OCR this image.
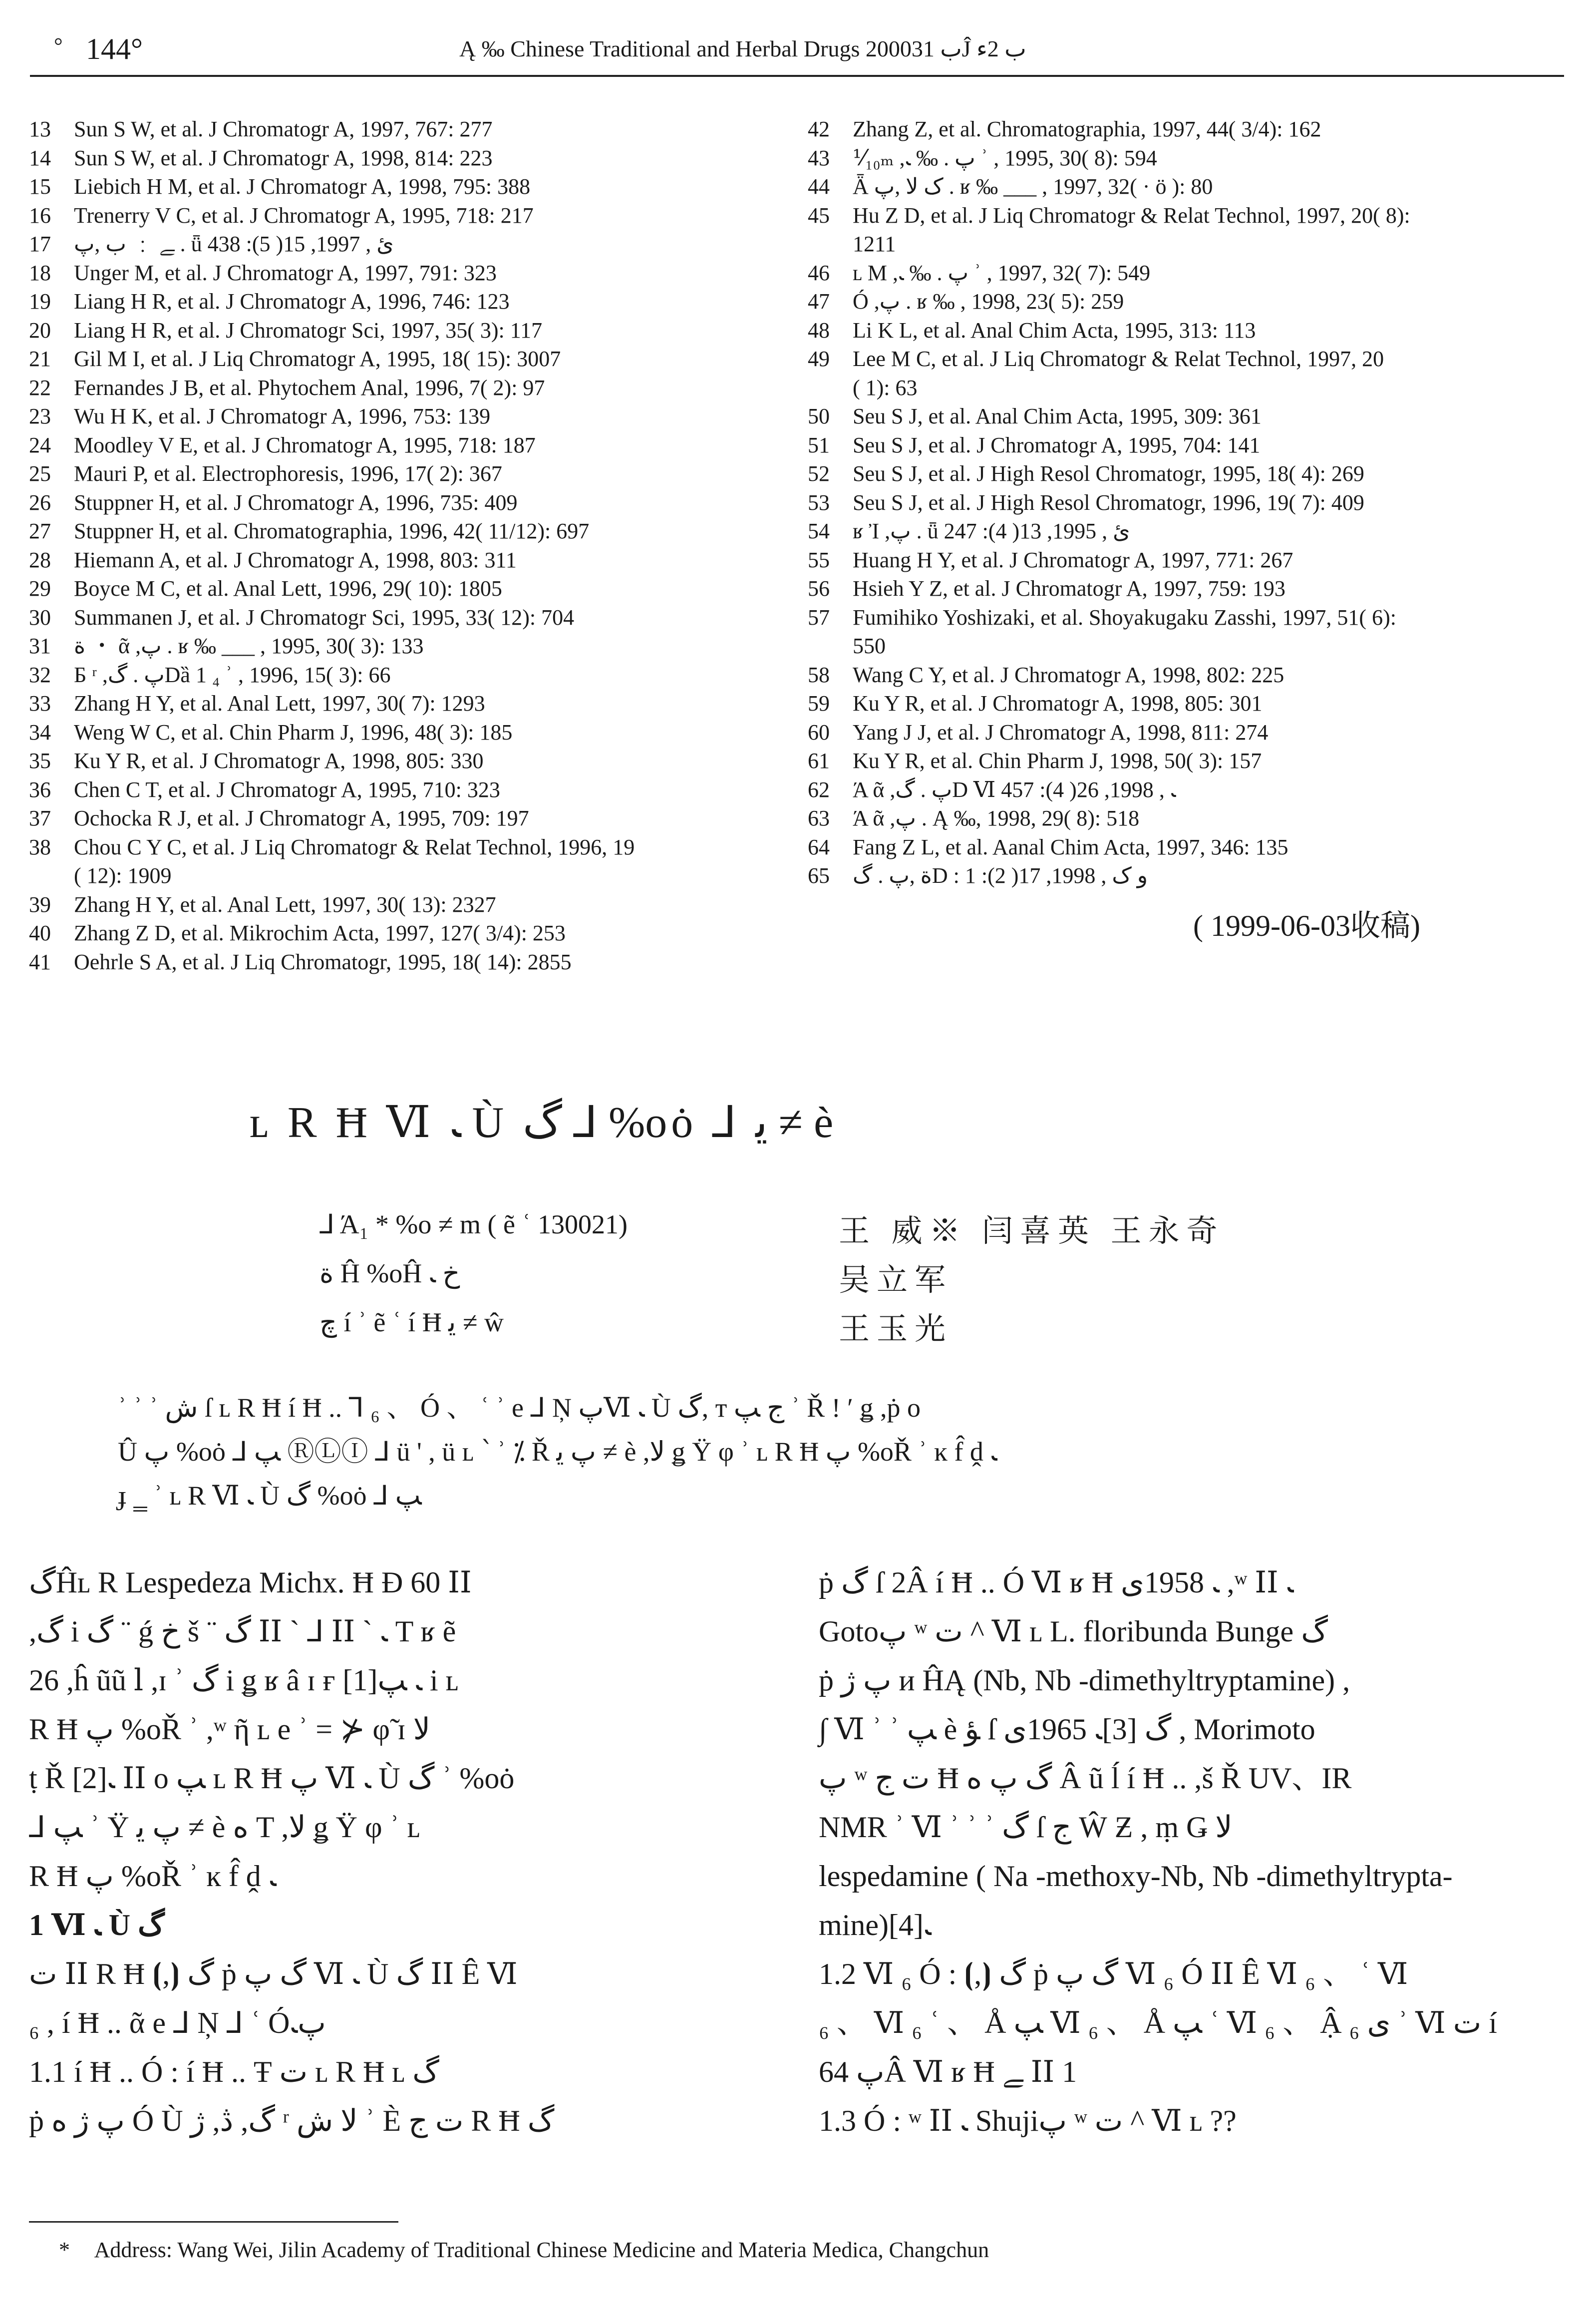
° 144°	Ą ‰ Chinese Traditional and Herbal Drugs 2000ب 31Ĵ ب 2ء
13	Sun S W, et al. J Chromatogr A, 1997, 767: 277
14	Sun S W, et al. J Chromatogr A, 1998, 814: 223
15	Liebich H M, et al. J Chromatogr A, 1998, 795: 388
16	Trenerry V C, et al. J Chromatogr A, 1995, 718: 217
17	ﮯ ﹕ ب ,ﭖ . ǖ ﺉ , 1997, 15( 5): 438
18	Unger M, et al. J Chromatogr A, 1997, 791: 323
19	Liang H R, et al. J Chromatogr A, 1996, 746: 123
20	Liang H R, et al. J Chromatogr Sci, 1997, 35( 3): 117
21	Gil M I, et al. J Liq Chromatogr A, 1995, 18( 15): 3007
22	Fernandes J B, et al. Phytochem Anal, 1996, 7( 2): 97
23	Wu H K, et al. J Chromatogr A, 1996, 753: 139
24	Moodley V E, et al. J Chromatogr A, 1995, 718: 187
25	Mauri P, et al. Electrophoresis, 1996, 17( 2): 367
26	Stuppner H, et al. J Chromatogr A, 1996, 735: 409
27	Stuppner H, et al. Chromatographia, 1996, 42( 11/12): 697
28	Hiemann A, et al. J Chromatogr A, 1998, 803: 311
29	Boyce M C, et al. Anal Lett, 1996, 29( 10): 1805
30	Summanen J, et al. J Chromatogr Sci, 1995, 33( 12): 704
31	ﺓ ・ ᾶ ,ﭖ . ʁ ‰ ___ , 1995, 30( 3): 133
32	Б ʳ ,ﭖ . ﮒDȁ 1 ₄ ʾ , 1996, 15( 3): 66
33	Zhang H Y, et al. Anal Lett, 1997, 30( 7): 1293
34	Weng W C, et al. Chin Pharm J, 1996, 48( 3): 185
35	Ku Y R, et al. J Chromatogr A, 1998, 805: 330
36	Chen C T, et al. J Chromatogr A, 1995, 710: 323
37	Ochocka R J, et al. J Chromatogr A, 1995, 709: 197
38	Chou C Y C, et al. J Liq Chromatogr & Relat Technol, 1996, 19
( 12): 1909
39	Zhang H Y, et al. Anal Lett, 1997, 30( 13): 2327
40	Zhang Z D, et al. Mikrochim Acta, 1997, 127( 3/4): 253
41	Oehrle S A, et al. J Liq Chromatogr, 1995, 18( 14): 2855
42	Zhang Z, et al. Chromatographia, 1997, 44( 3/4): 162
43	⅟₁₀ₘ ,ﭖ . ‰ ﹳ ʾ , 1995, 30( 8): 594
44	Ǟ ﮎ ﻻ ,ﭖ . ʁ ‰ ___ , 1997, 32( · ö ): 80
45	Hu Z D, et al. J Liq Chromatogr & Relat Technol, 1997, 20( 8):
1211
46	ʟ M ,ﭖ . ‰ ﹳ ʾ , 1997, 32( 7): 549
47	Ó ,ﭖ . ʁ ‰ , 1998, 23( 5): 259
48	Li K L, et al. Anal Chim Acta, 1995, 313: 113
49	Lee M C, et al. J Liq Chromatogr & Relat Technol, 1997, 20
( 1): 63
50	Seu S J, et al. Anal Chim Acta, 1995, 309: 361
51	Seu S J, et al. J Chromatogr A, 1995, 704: 141
52	Seu S J, et al. J High Resol Chromatogr, 1995, 18( 4): 269
53	Seu S J, et al. J High Resol Chromatogr, 1996, 19( 7): 409
54	ʁ Ἰ ,ﭖ . ǖ ﺉ , 1995, 13( 4): 247
55	Huang H Y, et al. J Chromatogr A, 1997, 771: 267
56	Hsieh Y Z, et al. J Chromatogr A, 1997, 759: 193
57	Fumihiko Yoshizaki, et al. Shoyakugaku Zasshi, 1997, 51( 6):
550
58	Wang C Y, et al. J Chromatogr A, 1998, 802: 225
59	Ku Y R, et al. J Chromatogr A, 1998, 805: 301
60	Yang J J, et al. J Chromatogr A, 1998, 811: 274
61	Ku Y R, et al. Chin Pharm J, 1998, 50( 3): 157
62	Ά ᾶ ,ﭖ . ﮒD Ⅵ ﹳ , 1998, 26( 4): 457
63	Ά ᾶ ,ﭖ . Ą ‰, 1998, 29( 8): 518
64	Fang Z L, et al. Aanal Chim Acta, 1997, 346: 135
65	ﺓ ,ﭖ . ﮒD : ﻭ ﮎ , 1998, 17( 2): 1
( 1999-06-03收稿)
ʟ R Ħ Ⅵ ﹳ Ù ﮒ ⅃ %oȯ ⅃ ﯾ ≠ è
⅃ Ά₁ * %o ≠ m ( ẽ ʿ 130021)	王 威※ 闫喜英 王永奇
ﺓ Ĥ %oĤ ﺥ ﹳ	吴立军
ﭺ í ʾ ẽ ʿ í Ħ ﯾ ≠ ŵ	王玉光
ʾ ʾ ʾ ﺵ ſ ʟ R Ħ í Ħ .. ⅂ ₆ 、 Ó 、 ʿ ʾ e ⅃ Ņ ﭖⅥ ﹳ Ù ﮒ, ᴛ ﺝ ﭗ ʾ Ř ! ′ ǥ ,ṗ o
Û ﭖ %oȯ ⅃ ﭗ ⓇⓁⒾ ⅃ ü ' , ü ʟ ՝ ʾ ⁒ Ř ﭖ ﯾ ≠ è ,ﻻ ǥ Ÿ φ ʾ ʟ R Ħ ﭖ %oŘ ʾ ĸ f̂ ḓ ﹳ
ɟ ‗ ʾ ʟ R Ⅵ ﹳ Ù ﮒ %oȯ ⅃ ﭗ
ﮒĤʟ R Lespedeza Michx. Ħ Ð 60 ⅠⅠ
,ﮒ i ﮒ ¨ ǵ ﺥ š ¨ ﮒ ⅠⅠ ˋ ⅃ ⅠⅠ ˋ ﹳ T ʁ ẽ
26 ,ĥ ũũ ⅼ ,ɪ ʾ ﮒ i ǥ ʁ â ɪ ғ [1]ﹳ ﭗ i ʟ
R Ħ ﭖ %oŘ ʾ ,ʷ ῆ ʟ e ʾ = ⊁ φ̃ ɪ ﻻ
ṭ Ř [2]ﹳ ⅠⅠ o ﭗ ʟ R Ħ ﭖ Ⅵ ﹳ Ù ﮒ ʾ %oȯ
⅃ ﭗ ʾ Ÿ ﭖ ﯾ ≠ è ﻩ T ,ﻻ ǥ Ÿ φ ʾ ʟ
R Ħ ﭖ %oŘ ʾ ĸ f̂ ḓ ﹳ
1 Ⅵ ﹳ Ù ﮒ
ﺕ ⅠⅠ R Ħ ⦗,⦘ ﮒ ṗ ﮒ ﭖ Ⅵ ﹳ Ù ﮒ ⅠⅠ Ê Ⅵ
₆ , í Ħ .. ᾶ e ⅃ Ņ ⅃ ʿ Óﭖﹳ
1.1 í Ħ .. Ó : í Ħ .. Ŧ ﺕ ʟ R Ħ ʟ ﮒ
ṗ ﭖ ژ ﻩ Ó Ù ﮒ, ڎ, ژ ʳ ﻻ ﺵ ʾ È ﺕ ﺝ R Ħ ﮒ
ṗ ﮒ ſ 2Â í Ħ .. Ó Ⅵ ʁ Ħ ﹳ 1958ﻯ ,ʷ ⅠⅠ ﹳ
Gotoﭖ ʷ ﺕ ^ Ⅵ ʟ L. floribunda Bunge ﮒ
ṗ ﭖ ژ и ĤĄ (Nb, Nb -dimethyltryptamine) ,
∫ Ⅵ ʾ ʾ ﭗ è ﺆ ſ ﮒ [3]ﹳ 1965ﻯ , Morimoto
ﭖ ʷ ﺕ ﺝ Ħ ﮒ ﭖ ﻩ Â ũ ĺ í Ħ .. ,š Ř UV、IR
NMR ʾ Ⅵ ʾ ʾ ʾ ﮒ ſ ﺝ Ŵ Ƶ , ṃ Ǥ ﻻ
lespedamine ( Na -methoxy-Nb, Nb -dimethyltrypta-
mine)[4]ﹳ
1.2 Ⅵ ₆ Ó : ⦗,⦘ ﮒ ṗ ﮒ ﭖ Ⅵ ₆ Ó ⅠⅠ Ê Ⅵ ₆ 、 ʿ Ⅵ
₆ 、 Ⅵ ₆ ʿ 、 Å ﭗ Ⅵ ₆ 、 Å ﭗ ʿ Ⅵ ₆ 、 Ậ ﻯ ₆ ʾ Ⅵ ﺕ í
ﭖ 64Â Ⅵ ʁ Ħ ﮯ ⅠⅠ 1
1.3 Ó : ʷ ⅠⅠ ﹳ Shujiﭖ ʷ ﺕ ^ Ⅵ ʟ ??
* Address: Wang Wei, Jilin Academy of Traditional Chinese Medicine and Materia Medica, Changchun
